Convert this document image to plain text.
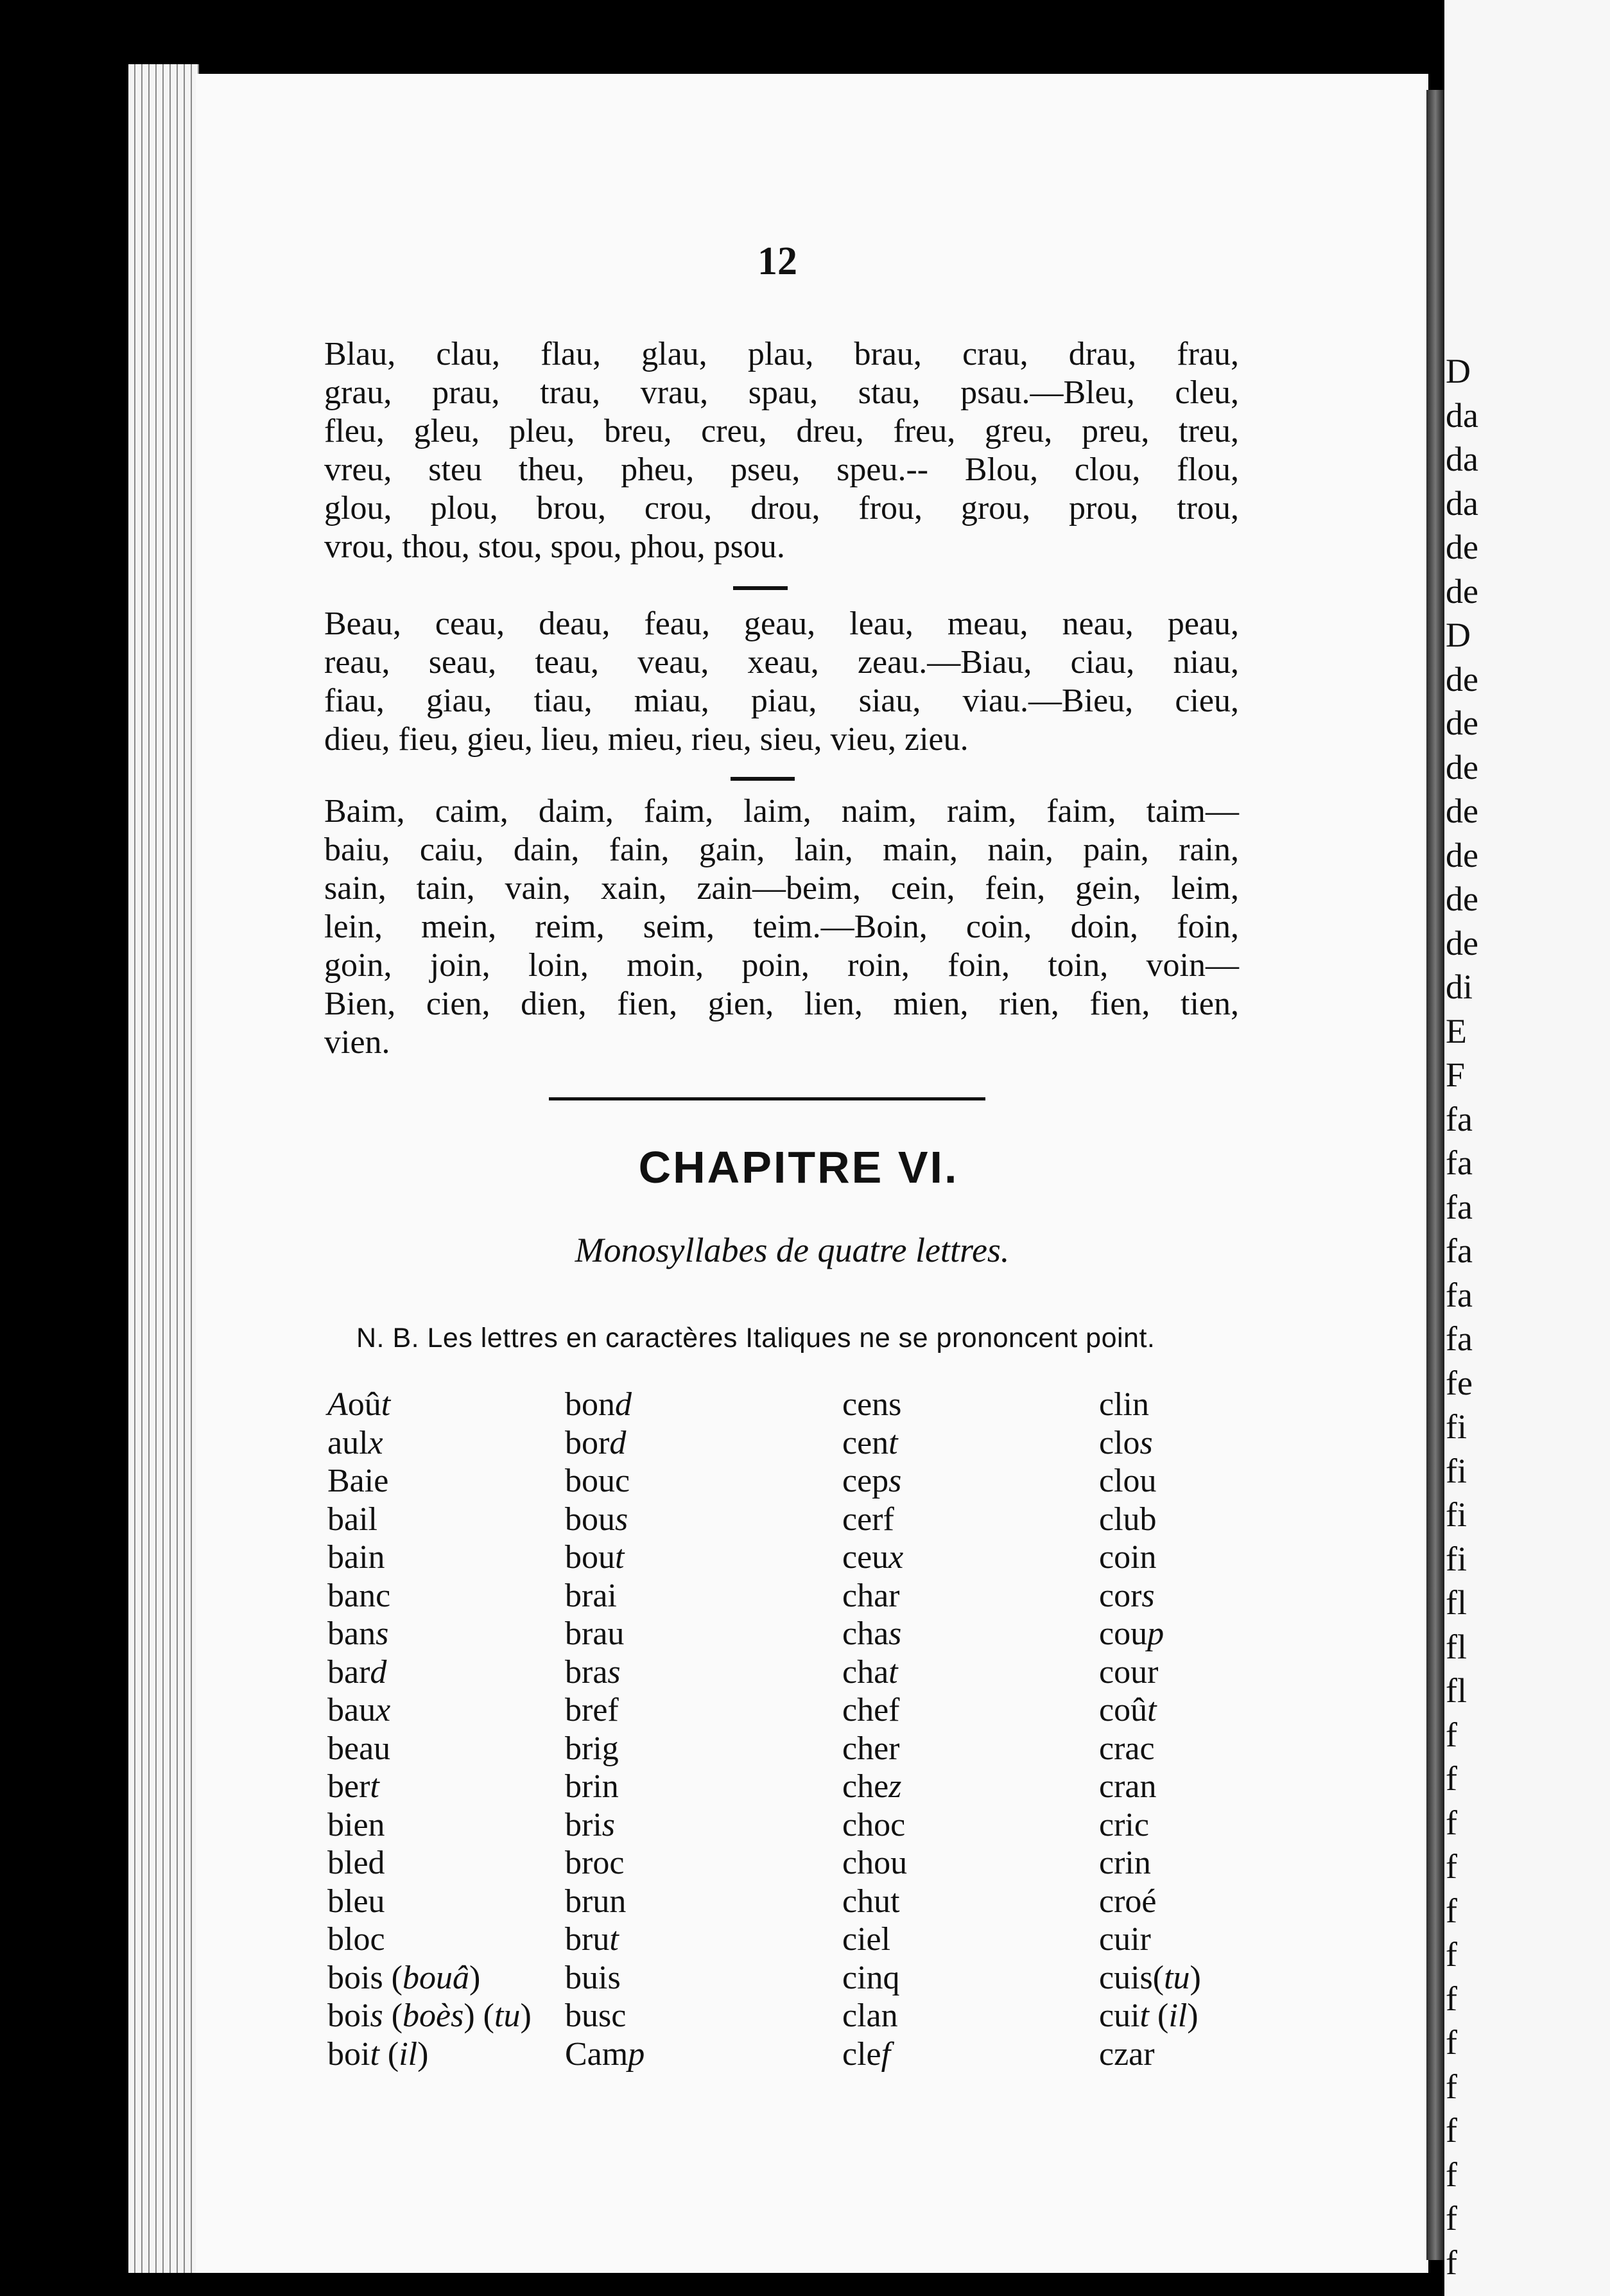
D
da
da
da
de
de
D
de
de
de
de
de
de
de
di
E
F
fa
fa
fa
fa
fa
fa
fe
fi
fi
fi
fi
fl
fl
fl
f
f
f
f
f
f
f
f
f
f
f
f
f
12
Blau, clau, flau, glau, plau, brau, crau, drau, frau,
grau, prau, trau, vrau, spau, stau, psau.—Bleu, cleu,
fleu, gleu, pleu, breu, creu, dreu, freu, greu, preu, treu,
vreu, steu theu, pheu, pseu, speu.-- Blou, clou, flou,
glou, plou, brou, crou, drou, frou, grou, prou, trou,
vrou, thou, stou, spou, phou, psou.
Beau, ceau, deau, feau, geau, leau, meau, neau, peau,
reau, seau, teau, veau, xeau, zeau.—Biau, ciau, niau,
fiau, giau, tiau, miau, piau, siau, viau.—Bieu, cieu,
dieu, fieu, gieu, lieu, mieu, rieu, sieu, vieu, zieu.
Baim, caim, daim, faim, laim, naim, raim, faim, taim—
baiu, caiu, dain, fain, gain, lain, main, nain, pain, rain,
sain, tain, vain, xain, zain—beim, cein, fein, gein, leim,
lein, mein, reim, seim, teim.—Boin, coin, doin, foin,
goin, join, loin, moin, poin, roin, foin, toin, voin—
Bien, cien, dien, fien, gien, lien, mien, rien, fien, tien,
vien.
CHAPITRE VI.
Monosyllabes de quatre lettres.
N. B. Les lettres en caractères Italiques ne se prononcent point.
Août
aulx
Baie
bail
bain
banc
bans
bard
baux
beau
bert
bien
bled
bleu
bloc
bois (bouâ)
bois (boès) (tu)
boit (il)
bond
bord
bouc
bous
bout
brai
brau
bras
bref
brig
brin
bris
broc
brun
brut
buis
busc
Camp
cens
cent
ceps
cerf
ceux
char
chas
chat
chef
cher
chez
choc
chou
chut
ciel
cinq
clan
clef
clin
clos
clou
club
coin
cors
coup
cour
coût
crac
cran
cric
crin
croé
cuir
cuis(tu)
cuit (il)
czar
